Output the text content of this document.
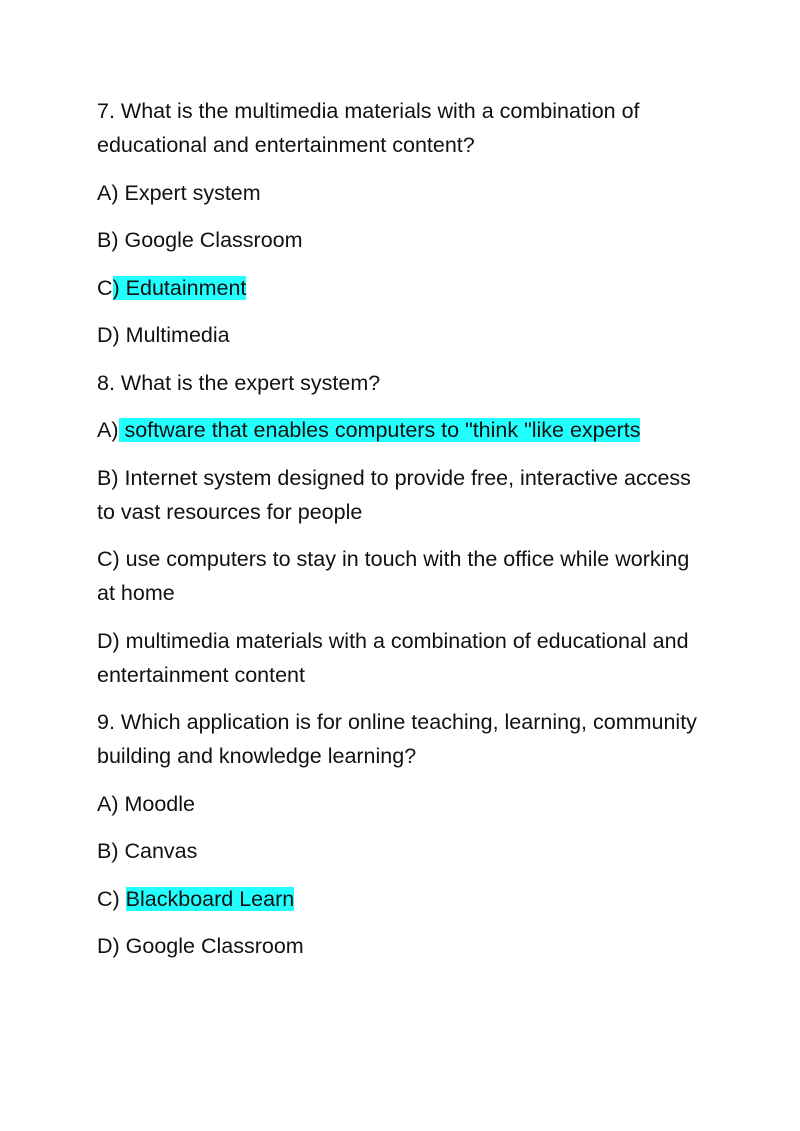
7. What is the multimedia materials with a combination of educational and entertainment content?

A) Expert system

B) Google Classroom

C) Edutainment

D) Multimedia

8. What is the expert system?

A) software that enables computers to "think "like experts

B) Internet system designed to provide free, interactive access to vast resources for people

C) use computers to stay in touch with the office while working at home

D) multimedia materials with a combination of educational and entertainment content

9. Which application is for online teaching, learning, community building and knowledge learning?

A) Moodle

B) Canvas

C) Blackboard Learn

D) Google Classroom
